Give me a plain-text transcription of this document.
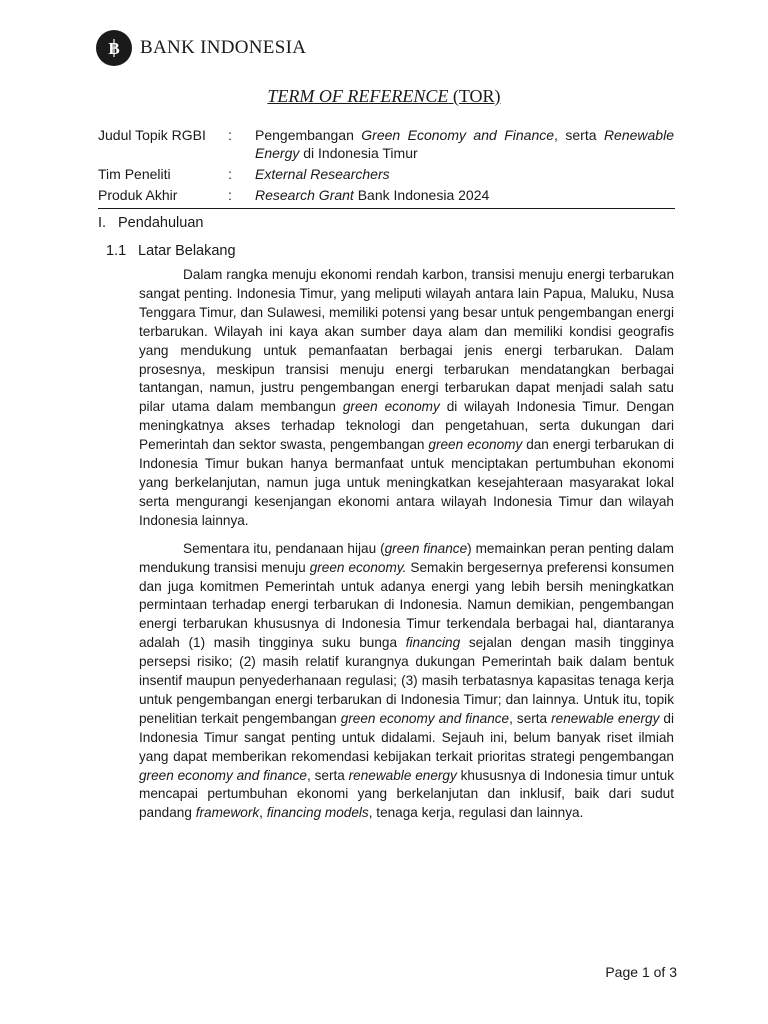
B BANK INDONESIA
TERM OF REFERENCE (TOR)
Judul Topik RGBI	:	Pengembangan Green Economy and Finance, serta Renewable Energy di Indonesia Timur
Tim Peneliti	:	External Researchers
Produk Akhir	:	Research Grant Bank Indonesia 2024
I. Pendahuluan
1.1 Latar Belakang

Dalam rangka menuju ekonomi rendah karbon, transisi menuju energi terbarukan sangat penting. Indonesia Timur, yang meliputi wilayah antara lain Papua, Maluku, Nusa Tenggara Timur, dan Sulawesi, memiliki potensi yang besar untuk pengembangan energi terbarukan. Wilayah ini kaya akan sumber daya alam dan memiliki kondisi geografis yang mendukung untuk pemanfaatan berbagai jenis energi terbarukan. Dalam prosesnya, meskipun transisi menuju energi terbarukan mendatangkan berbagai tantangan, namun, justru pengembangan energi terbarukan dapat menjadi salah satu pilar utama dalam membangun green economy di wilayah Indonesia Timur. Dengan meningkatnya akses terhadap teknologi dan pengetahuan, serta dukungan dari Pemerintah dan sektor swasta, pengembangan green economy dan energi terbarukan di Indonesia Timur bukan hanya bermanfaat untuk menciptakan pertumbuhan ekonomi yang berkelanjutan, namun juga untuk meningkatkan kesejahteraan masyarakat lokal serta mengurangi kesenjangan ekonomi antara wilayah Indonesia Timur dan wilayah Indonesia lainnya.

Sementara itu, pendanaan hijau (green finance) memainkan peran penting dalam mendukung transisi menuju green economy. Semakin bergesernya preferensi konsumen dan juga komitmen Pemerintah untuk adanya energi yang lebih bersih meningkatkan permintaan terhadap energi terbarukan di Indonesia. Namun demikian, pengembangan energi terbarukan khususnya di Indonesia Timur terkendala berbagai hal, diantaranya adalah (1) masih tingginya suku bunga financing sejalan dengan masih tingginya persepsi risiko; (2) masih relatif kurangnya dukungan Pemerintah baik dalam bentuk insentif maupun penyederhanaan regulasi; (3) masih terbatasnya kapasitas tenaga kerja untuk pengembangan energi terbarukan di Indonesia Timur; dan lainnya. Untuk itu, topik penelitian terkait pengembangan green economy and finance, serta renewable energy di Indonesia Timur sangat penting untuk didalami. Sejauh ini, belum banyak riset ilmiah yang dapat memberikan rekomendasi kebijakan terkait prioritas strategi pengembangan green economy and finance, serta renewable energy khususnya di Indonesia timur untuk mencapai pertumbuhan ekonomi yang berkelanjutan dan inklusif, baik dari sudut pandang framework, financing models, tenaga kerja, regulasi dan lainnya.

Page 1 of 3
